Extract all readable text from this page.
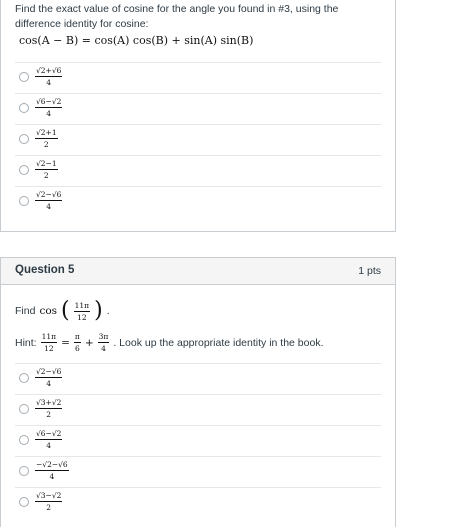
Find the exact value of cosine for the angle you found in #3, using the difference identity for cosine:
cos(A − B) = cos(A) cos(B) + sin(A) sin(B)
$\frac{√2+√6}{4}$
$\frac{√6-√2}{4}$
$\frac{√2+1}{2}$
$\frac{√2-1}{2}$
$\frac{√2-√6}{4}$
Question 5	1 pts
Find cos ( $\frac{11\pi}{12}$ ) .
Hint: $\frac{11\pi}{12} = \frac{\pi}{6} + \frac{3\pi}{4}$ . Look up the appropriate identity in the book.
$\frac{√2-√6}{4}$
$\frac{√3+√2}{2}$
$\frac{√6-√2}{4}$
$\frac{-√2-√6}{4}$
$\frac{√3-√2}{2}$
